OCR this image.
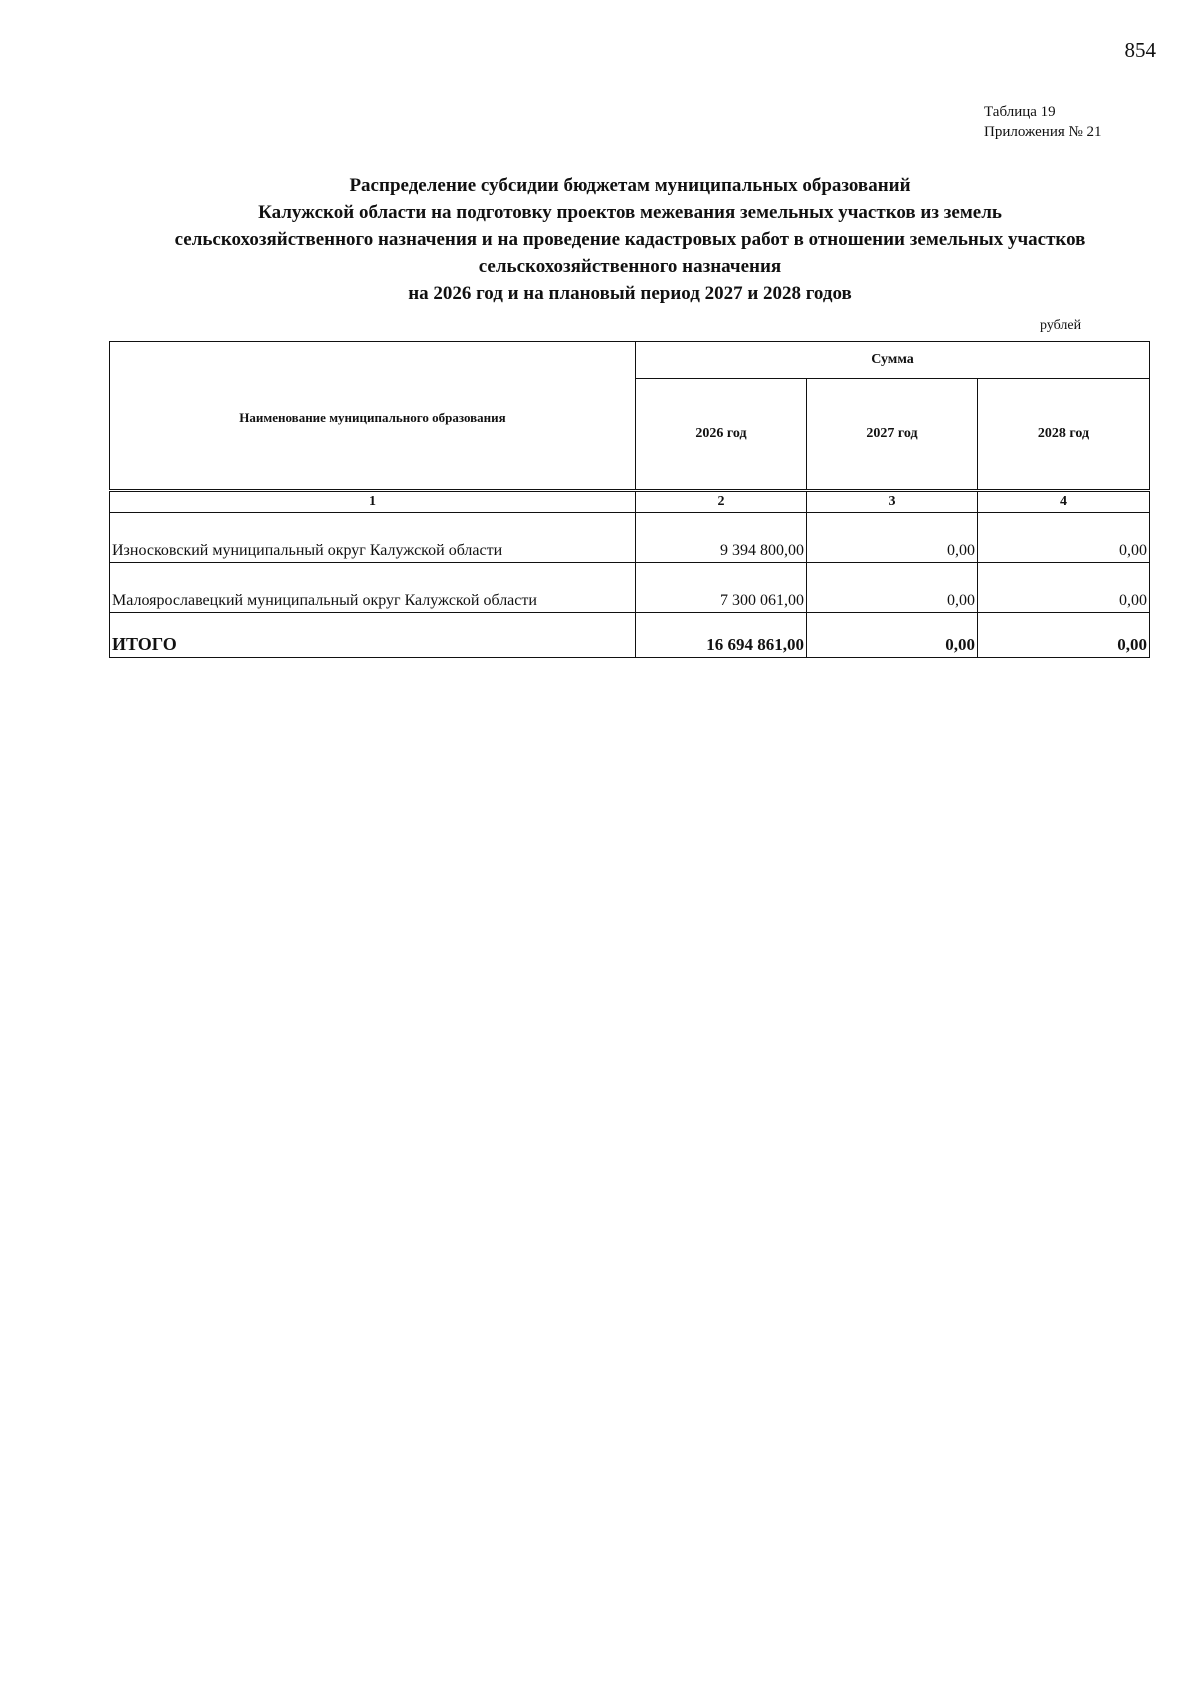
854
Таблица 19
Приложения № 21
Распределение субсидии бюджетам муниципальных образований
Калужской области на подготовку проектов межевания земельных участков из земель
сельскохозяйственного назначения и на проведение кадастровых работ в отношении земельных участков
сельскохозяйственного назначения
на 2026 год и на плановый период 2027 и 2028 годов
рублей
Наименование муниципального образования	Сумма		
	2026 год	2027 год	2028 год
1	2	3	4
Износковский муниципальный округ Калужской области	9 394 800,00	0,00	0,00
Малоярославецкий муниципальный округ Калужской области	7 300 061,00	0,00	0,00
ИТОГО	16 694 861,00	0,00	0,00
